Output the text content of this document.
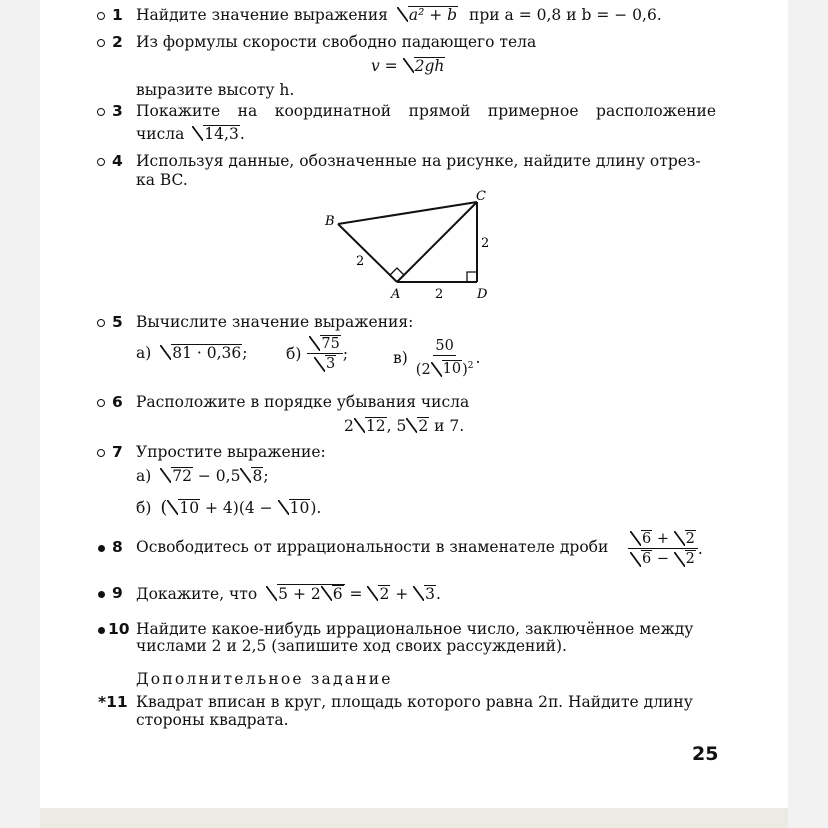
1 Найдите значение выражения a² + b при a = 0,8 и b = − 0,6.
2 Из формулы скорости свободно падающего тела
v = 2gh
выразите высоту h.
3 Покажите на координатной прямой примерное расположение
числа 14,3.
4 Используя данные, обозначенные на рисунке, найдите длину отрез-
ка BC.
B
C
A	D
2
2
2
5 Вычислите значение выражения:
а) 81 · 0,36; $б) \frac{75}{3}$ ;	$в) \frac{50}{(2 10)^2}$ .
6 Расположите в порядке убывания числа
2 12, 5 2 и 7.
7 Упростите выражение:
а) 72 − 0,5 8;
б) ( 10 + 4)(4 − 10).
8 Освободитесь от иррациональности в знаменателе дроби $\frac{6 + 2}{6 - 2}$ .
9 Докажите, что 5 + 2 6 = 2 + 3.
10 Найдите какое-нибудь иррациональное число, заключённое между
числами 2 и 2,5 (запишите ход своих рассуждений).
Дополнительное задание
*11 Квадрат вписан в круг, площадь которого равна 2π. Найдите длину
стороны квадрата.
25
